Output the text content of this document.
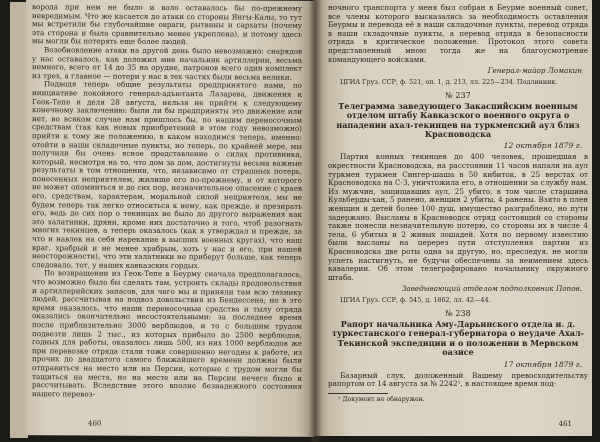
ворода при нем не было и воло оставалось бы по-прежнему невредимым. Что же касается до атаки со стороны Янгы-Калы, то тут мы встретили бы глубочайшие овраги, рытвины и сархаты (почему эта сторона и была сравнительно менее укреплена), и потому здесь мы могли бы потерять еще более людей.

Возобновление атаки на другой день было невозможно: снарядов у нас оставалось, как доложил мне начальник артиллерии, весьма немного, всего от 14 до 35 на орудие, патронов всего один комплект из трех, а главное — потери у нас в тех частях были весьма велики.

Подводя теперь общие результаты предпринятого нами, по инициативе покойного генерал-адъютанта Лазарева, движения к Геок-Тепе и деля 28 августа, нельзя не прийти к следующему конечному заключению: были ли бы предприняты это движение или нет, во всяком случае нам пришлось бы, по нашим переносочным средствам (так как новых приобретений в этом году невозможно) прийти к тому же положению, в каком находимся теперь, именно: отойти в наши складочные пункты, но теперь, по крайней мере, мы получили бы очень ясное представление о силах противника, который, несмотря на то, что дом за дом, достигнуты весьма важные результаты в том отношении, что, независимо от страшных потерь, понесенных неприятелем, жилище его по-прежнему, и от которого не может опомниться и до сих пор, незначительное опасение с краев его, средствам, характерам, моральной силой неприятеля, мы не будем теперь так легко относиться к нему, как прежде, и презирать его, ведь до сих пор о текинцах не было до другого выражения как это халатники, дряни, кроме них достаточно и того, чтоб разогнать многих текинцев, а теперь оказалось (как я утверждал и прежде, за что и навлек на себя нарекание в высших военных кругах), что наш враг, храбрый и не менее храбрым, хоть у нас и его, при нашей неосторожности), что эти халатники не приберут больше, как теперь следовало, тот, у наших кавказских гордых.

По возвращении из Геок-Тепе в Беурму сначала предполагалось, что возможно было бы сделать там, устроить склады продовольствия и артиллерийских запасов, для чего мы и приняли там всю технику людей, рассчитывая на подвоз довольствия из Бендессена; но в это время оказалось, что наши переносочные средства и тылу отряда оказались окончательно несостоятельными: за последнее время после приблизительно 3000 верблюдов, и то с большим трудом подвезти лишь 2 тыс., из которых прибыло до 2500 верблюдов, годных для работы, оказалось лишь 500, из них 1000 верблюдов же при перевозке отряда стали тоже совершенно негодны к работе, из прочих до двадцатого самого ближайшего времени должны были отправиться на место или на Персии, которые с трудом могли бы тащиться на места, но на месте или на Персии нечего было и рассчитывать. Вследствие этого вполне безнадежного состояния нашего перевоз-

460

ночного транспорта у меня был собран в Беурме военный совет, все члены которого высказались за необходимость оставления Беурмы и перевода её в наши складочные пункты, перевод отряда в наши складочные пункты, а перевод отряда в безопасности отряда в критическое положение. Протокол этого совета представленный мною тогда же на благоусмотрение командующего войсками.

Генерал-майор Ломакин
ЦГИА Груз. ССР, ф. 521, оп. 1, д. 213, лл. 225—234. Подлинник.
№ 237
Телеграмма заведующего Закаспийским военным отделом штабу Кавказского военного округа о нападении ахал-текинцев на туркменский аул близ Красноводска
12 октября 1879 г.

Партия конных текинцев до 400 человек, прошедшая в окрестности Красноводска, на расстоянии 11 часов напали на аул туркмен туркмен Сингер-шаша в 50 кибиток, в 25 верстах от Красноводска на С-З, уничтожила его, в отношении за службу нам. Из мужчин, защищавших аул, 25 убито, в том числе старшина Кульберды-хан, 5 ранено, женщин 2 убиты, 4 ранены. Взято в плен женщин и детей более 100 душ, имущество разграблено, но пути задержано. Высланы в Красноводск отряд состоящий со стороны также понесли незначительную потерю, со стороны их в числе 4 тела, 6 убитых и 2 живых лошадей. Хотя по первому известию были высланы на перерез пути отступления партии из Красноводска две роты одна за другую, но, преследуя, не могли успеть настигнуть, не будучи обеспечены за неимением здесь кавалерии. Об этом телеграфировано начальнику окружного штаба.

Заведывающий отделом подполковник Попов.
ЦГИА Груз. ССР, ф. 545, д. 1862, лл. 42—44.
№ 238
Рапорт начальника Аму-Дарьинского отдела и. д. туркестанского генерал-губернатора о неудаче Ахал-Текинской экспедиции и о положении в Мервском оазисе
17 октября 1879 г.

Базарный слух, доложенный Вашему превосходительству рапортом от 14 августа за № 2242¹, в настоящее время под-

¹ Документ не обнаружен.
461
